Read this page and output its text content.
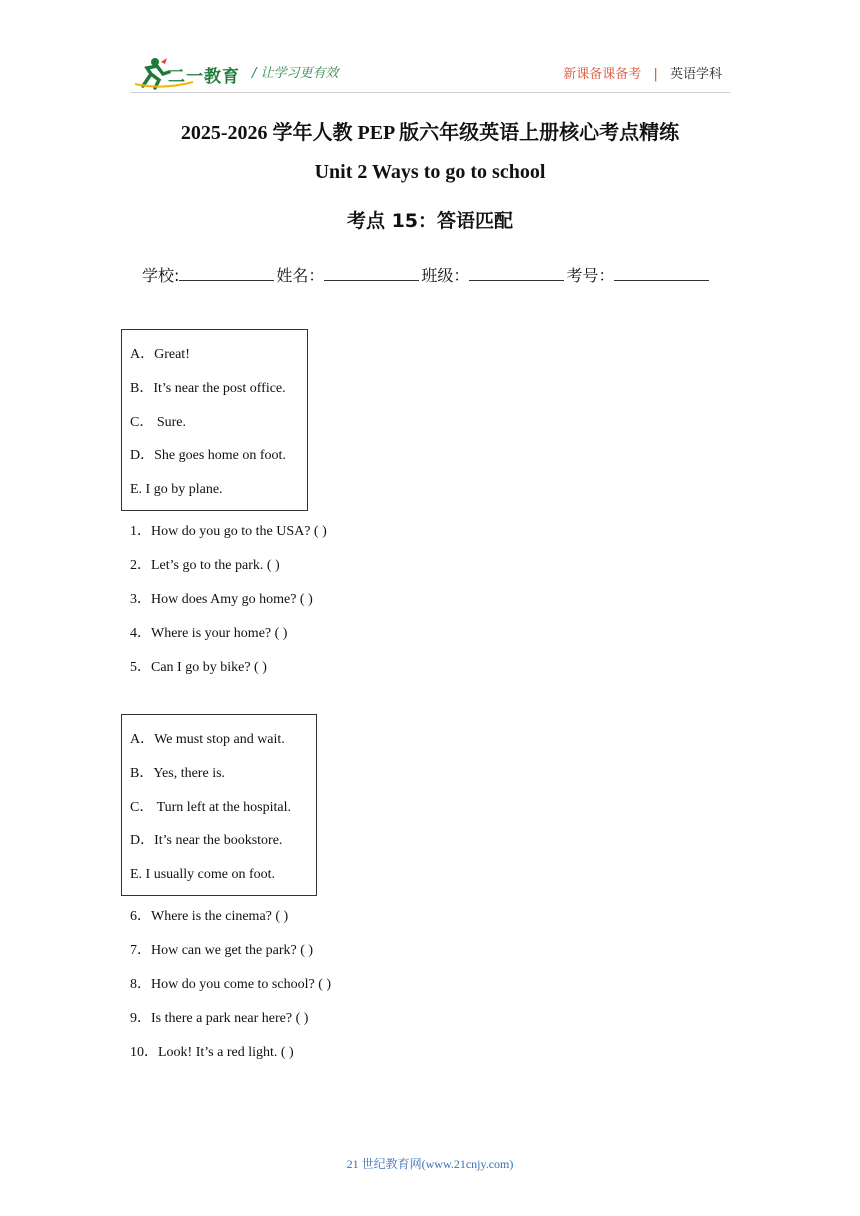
二一教育 / 让学习更有效	新课备课备考 | 英语学科
2025-2026 学年人教 PEP 版六年级英语上册核心考点精练
Unit 2 Ways to go to school
考点 15：答语匹配
学校:	姓名：	班级：	考号：
A．Great!
B．It’s near the post office.
C． Sure.
D．She goes home on foot.
E. I go by plane.
1．How do you go to the USA? ( )
2．Let’s go to the park. ( )
3．How does Amy go home? ( )
4．Where is your home? ( )
5．Can I go by bike? ( )
A．We must stop and wait.
B．Yes, there is.
C． Turn left at the hospital.
D．It’s near the bookstore.
E. I usually come on foot.
6．Where is the cinema? ( )
7．How can we get the park? ( )
8．How do you come to school? ( )
9．Is there a park near here? ( )
10．Look! It’s a red light. ( )
21 世纪教育网(www.21cnjy.com)
